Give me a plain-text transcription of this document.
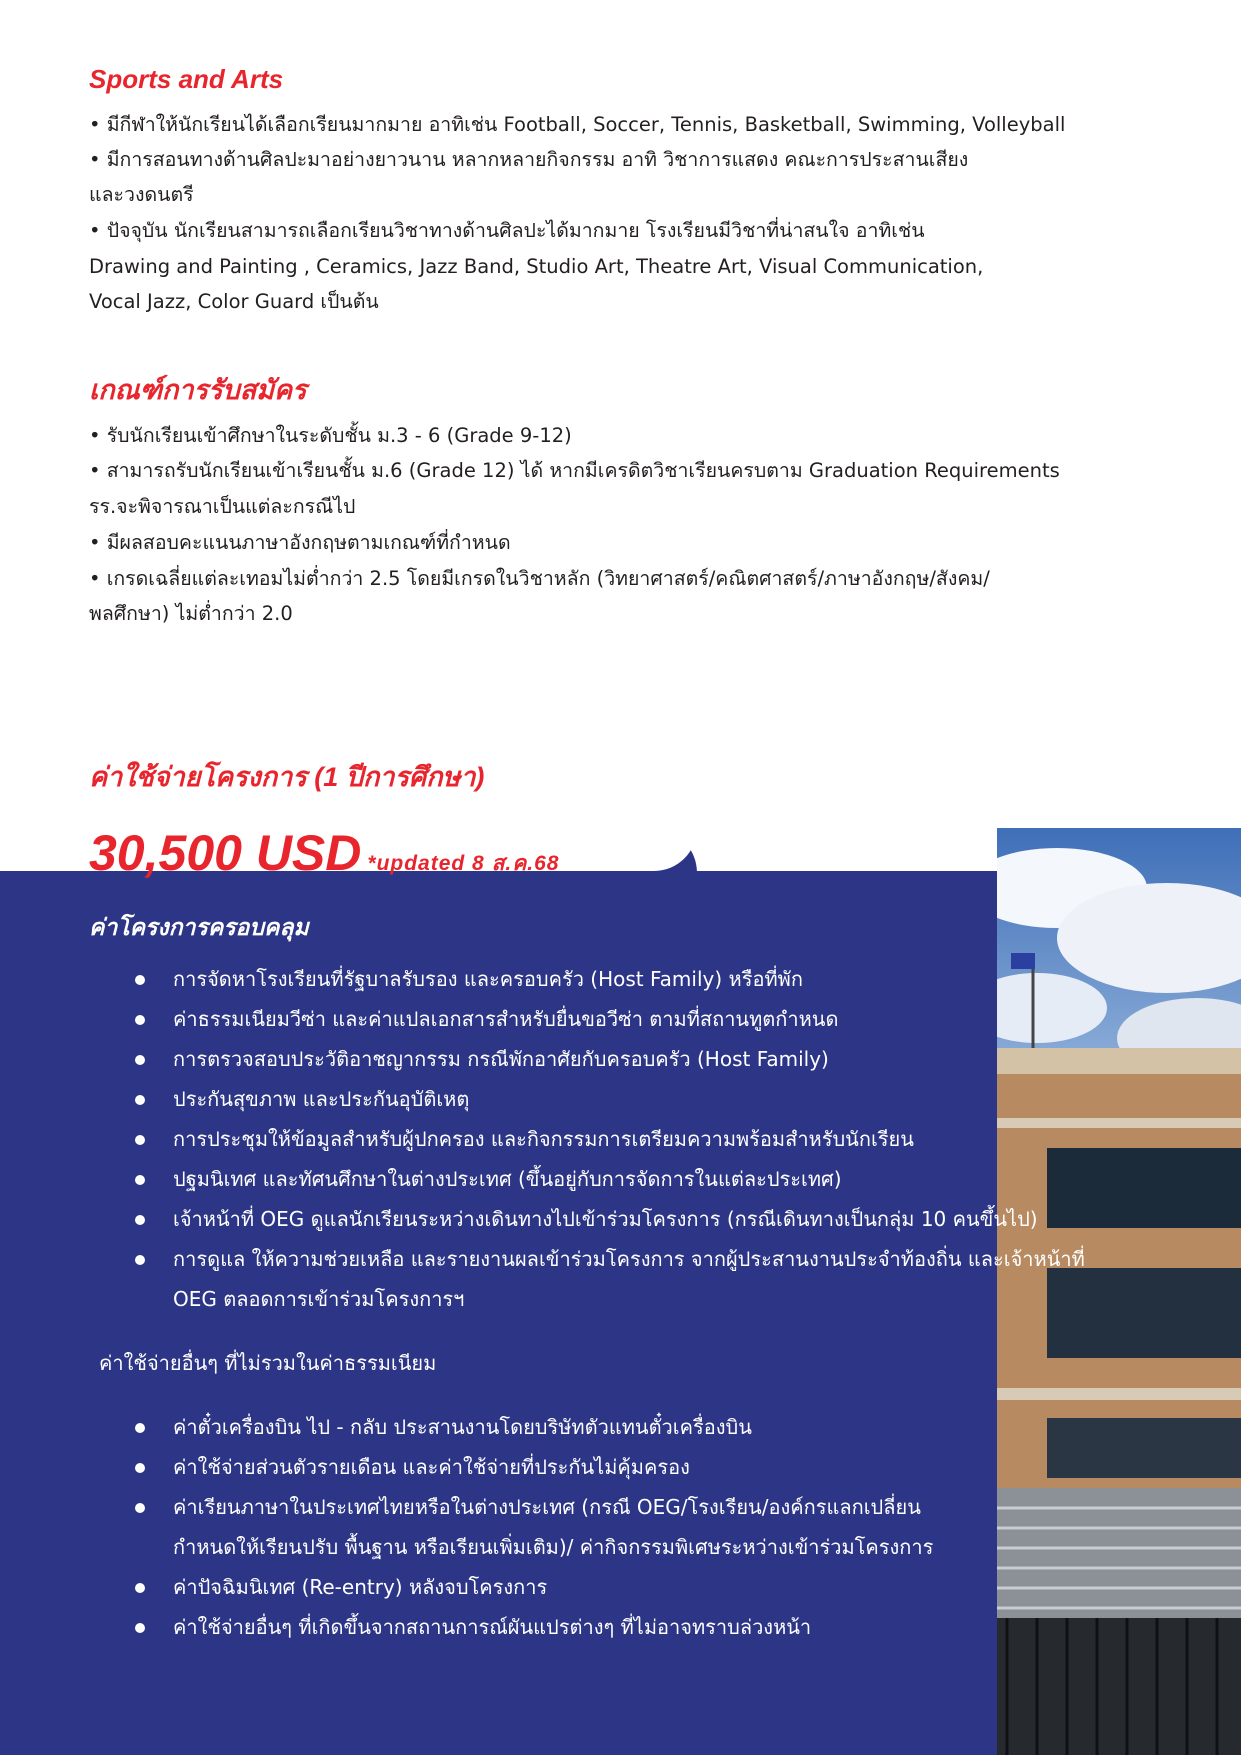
Sports and Arts

• มีกีฬาให้นักเรียนได้เลือกเรียนมากมาย อาทิเช่น Football, Soccer, Tennis, Basketball, Swimming, Volleyball

• มีการสอนทางด้านศิลปะมาอย่างยาวนาน หลากหลายกิจกรรม อาทิ วิชาการแสดง คณะการประสานเสียง

และวงดนตรี

• ปัจจุบัน นักเรียนสามารถเลือกเรียนวิชาทางด้านศิลปะได้มากมาย โรงเรียนมีวิชาที่น่าสนใจ อาทิเช่น

Drawing and Painting , Ceramics, Jazz Band, Studio Art, Theatre Art, Visual Communication,

Vocal Jazz, Color Guard เป็นต้น

เกณฑ์การรับสมัคร

• รับนักเรียนเข้าศึกษาในระดับชั้น ม.3 - 6 (Grade 9-12)

• สามารถรับนักเรียนเข้าเรียนชั้น ม.6 (Grade 12) ได้ หากมีเครดิตวิชาเรียนครบตาม Graduation Requirements

รร.จะพิจารณาเป็นแต่ละกรณีไป

• มีผลสอบคะแนนภาษาอังกฤษตามเกณฑ์ที่กำหนด

• เกรดเฉลี่ยแต่ละเทอมไม่ต่ำกว่า 2.5 โดยมีเกรดในวิชาหลัก (วิทยาศาสตร์/คณิตศาสตร์/ภาษาอังกฤษ/สังคม/

พลศึกษา) ไม่ต่ำกว่า 2.0

ค่าใช้จ่ายโครงการ (1 ปีการศึกษา)

30,500 USD *updated 8 ส.ค.68

ค่าโครงการครอบคลุม
การจัดหาโรงเรียนที่รัฐบาลรับรอง และครอบครัว (Host Family) หรือที่พัก
ค่าธรรมเนียมวีซ่า และค่าแปลเอกสารสำหรับยื่นขอวีซ่า ตามที่สถานทูตกำหนด
การตรวจสอบประวัติอาชญากรรม กรณีพักอาศัยกับครอบครัว (Host Family)
ประกันสุขภาพ และประกันอุบัติเหตุ
การประชุมให้ข้อมูลสำหรับผู้ปกครอง และกิจกรรมการเตรียมความพร้อมสำหรับนักเรียน
ปฐมนิเทศ และทัศนศึกษาในต่างประเทศ (ขึ้นอยู่กับการจัดการในแต่ละประเทศ)
เจ้าหน้าที่ OEG ดูแลนักเรียนระหว่างเดินทางไปเข้าร่วมโครงการ (กรณีเดินทางเป็นกลุ่ม 10 คนขึ้นไป)
การดูแล ให้ความช่วยเหลือ และรายงานผลเข้าร่วมโครงการ จากผู้ประสานงานประจำท้องถิ่น และเจ้าหน้าที่
OEG ตลอดการเข้าร่วมโครงการฯ

ค่าใช้จ่ายอื่นๆ ที่ไม่รวมในค่าธรรมเนียม

ค่าตั๋วเครื่องบิน ไป - กลับ ประสานงานโดยบริษัทตัวแทนตั๋วเครื่องบิน
ค่าใช้จ่ายส่วนตัวรายเดือน และค่าใช้จ่ายที่ประกันไม่คุ้มครอง
ค่าเรียนภาษาในประเทศไทยหรือในต่างประเทศ (กรณี OEG/โรงเรียน/องค์กรแลกเปลี่ยน
กำหนดให้เรียนปรับ พื้นฐาน หรือเรียนเพิ่มเติม)/ ค่ากิจกรรมพิเศษระหว่างเข้าร่วมโครงการ
ค่าปัจฉิมนิเทศ (Re-entry) หลังจบโครงการ
ค่าใช้จ่ายอื่นๆ ที่เกิดขึ้นจากสถานการณ์ผันแปรต่างๆ ที่ไม่อาจทราบล่วงหน้า
